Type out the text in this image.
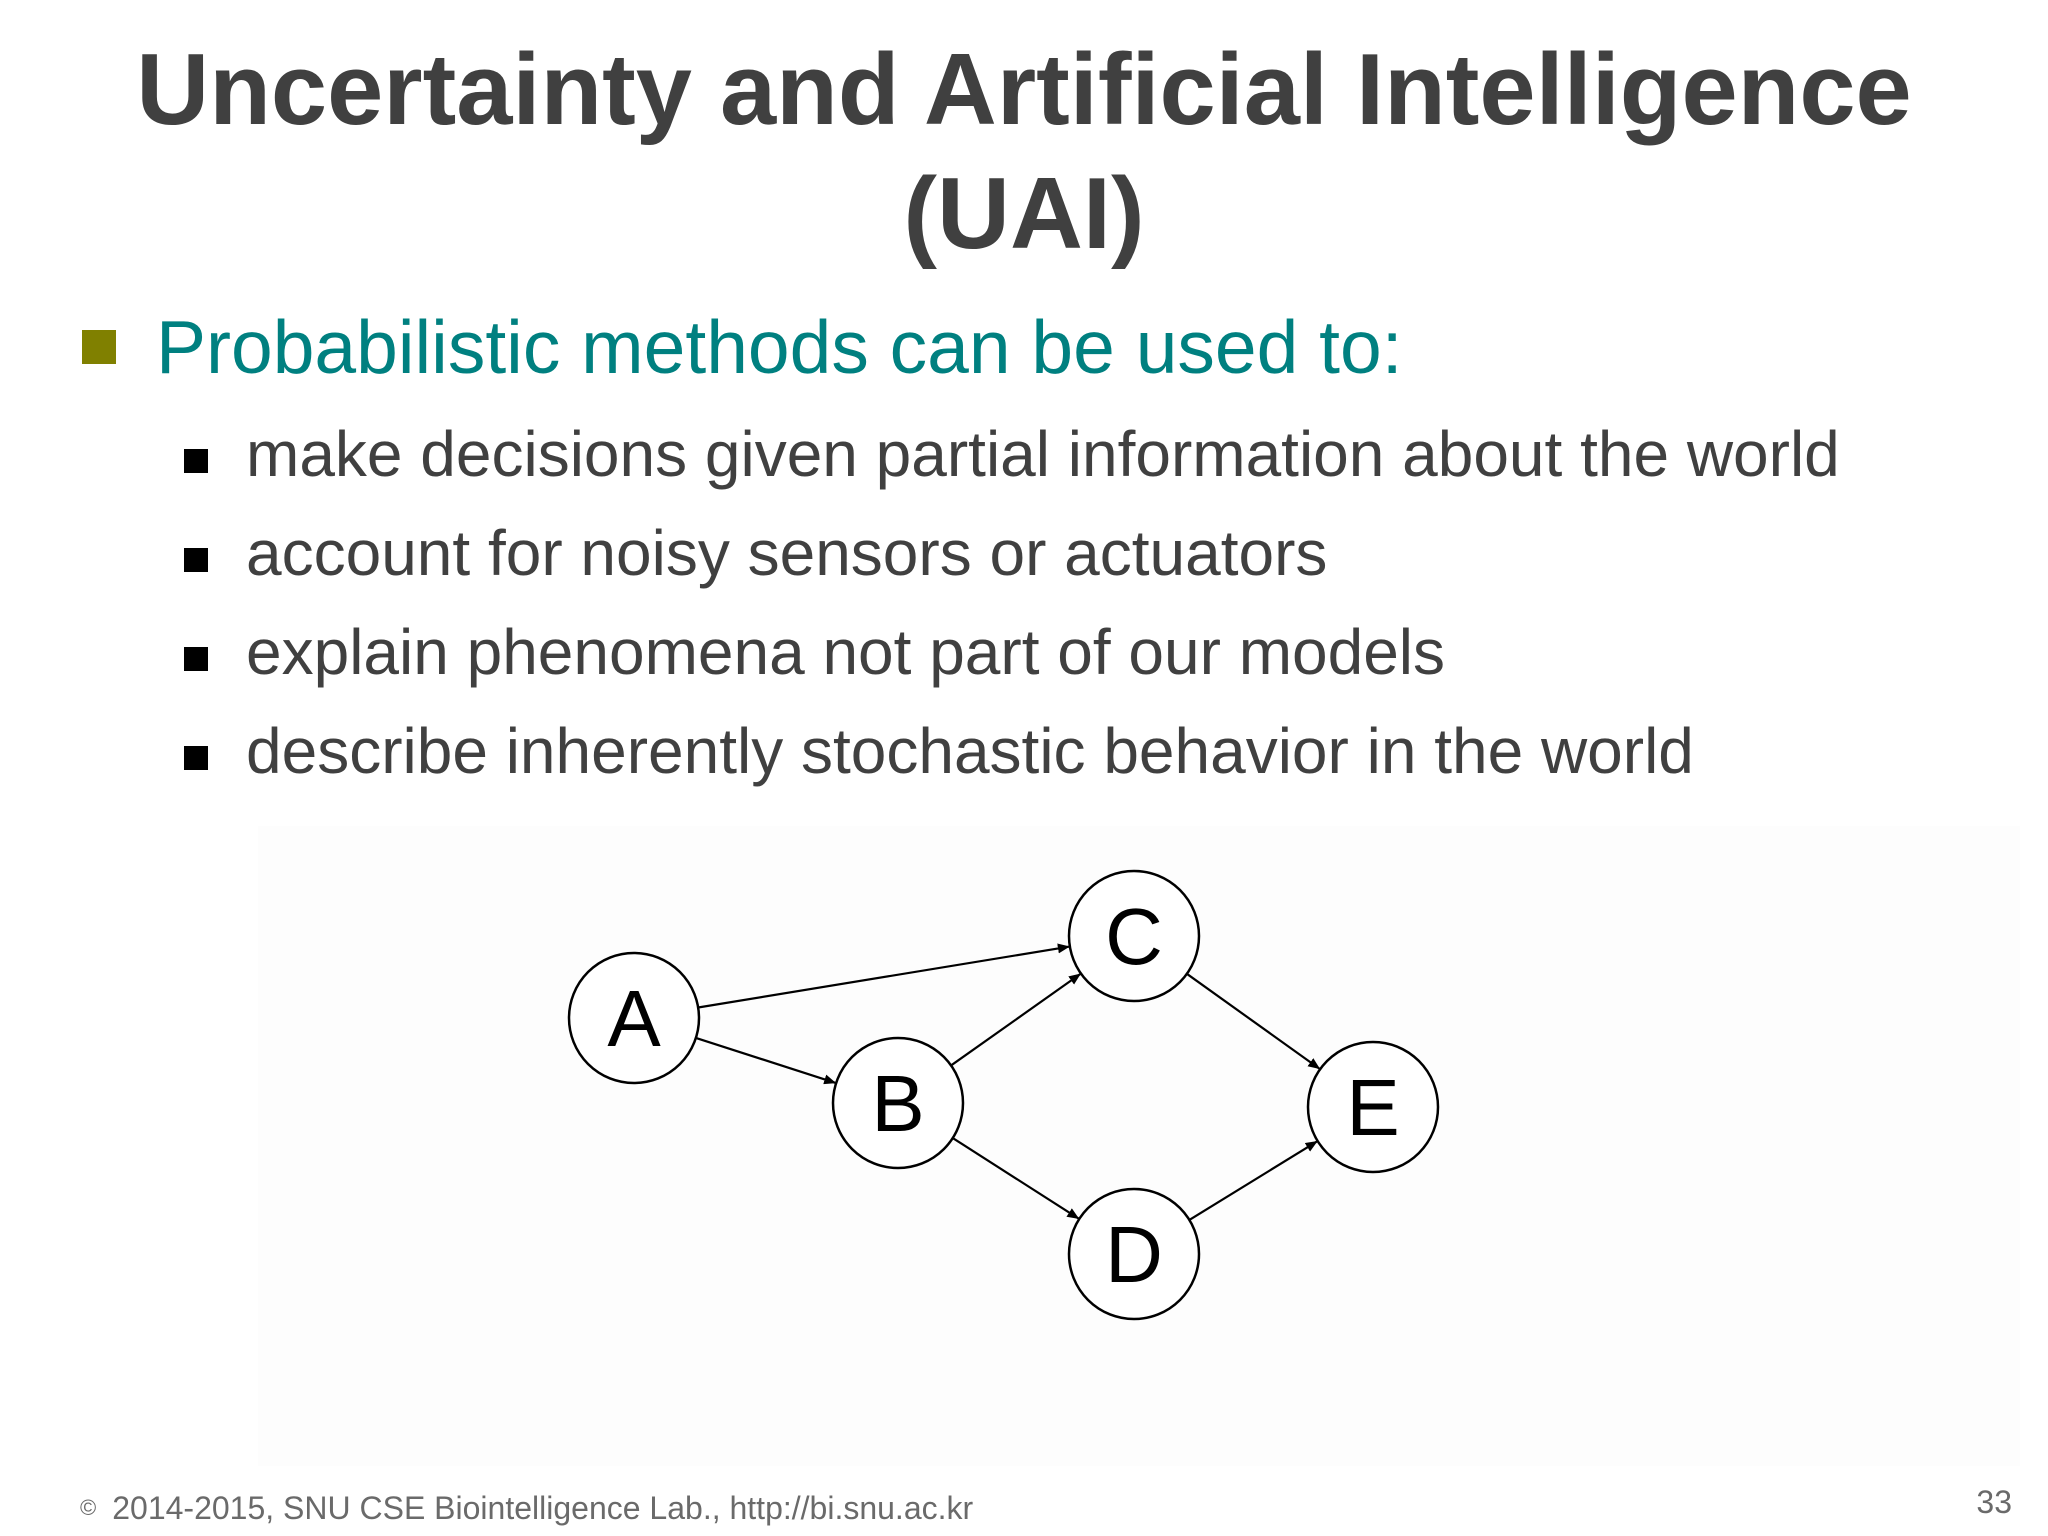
Uncertainty and Artificial Intelligence
(UAI)
Probabilistic methods can be used to:
make decisions given partial information about the world
account for noisy sensors or actuators
explain phenomena not part of our models
describe inherently stochastic behavior in the world
A
B
C
D
E
© 2014-2015, SNU CSE Biointelligence Lab., http://bi.snu.ac.kr	33
